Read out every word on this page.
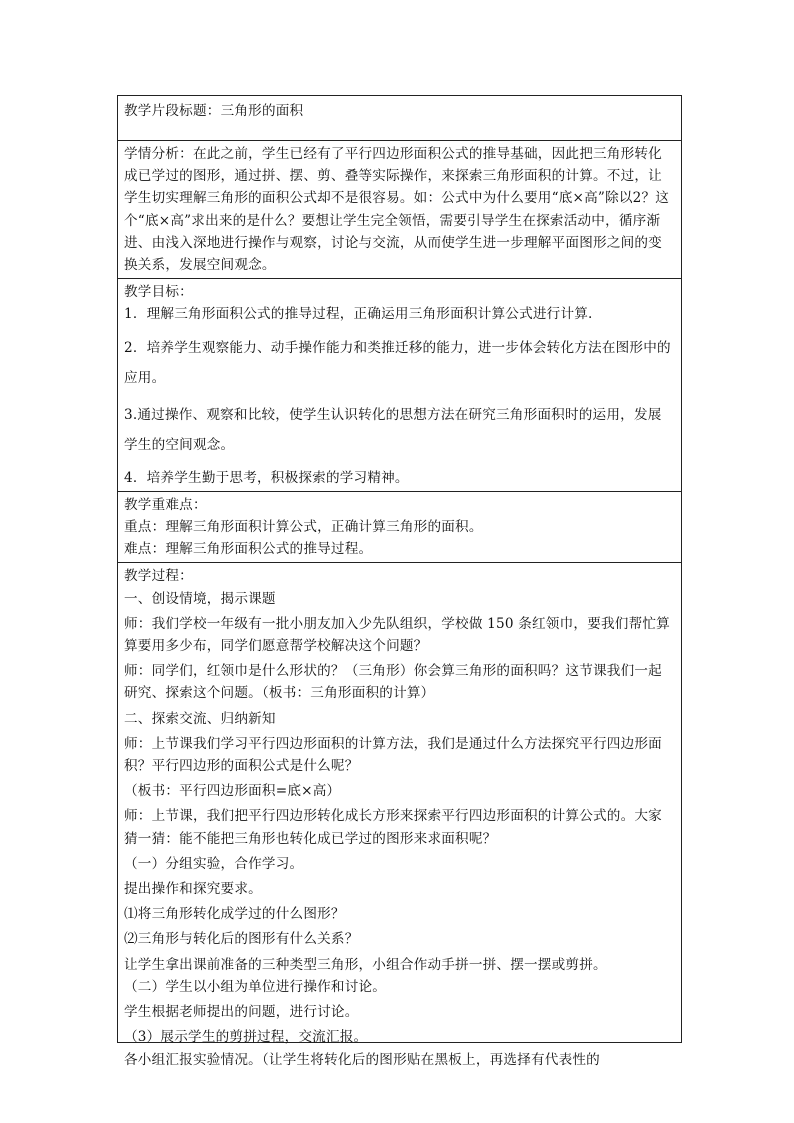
教学片段标题：三角形的面积
学情分析：在此之前，学生已经有了平行四边形面积公式的推导基础，因此把三角形转化成已学过的图形，通过拼、摆、剪、叠等实际操作，来探索三角形面积的计算。不过，让学生切实理解三角形的面积公式却不是很容易。如：公式中为什么要用“底×高”除以2？这个“底×高”求出来的是什么？要想让学生完全领悟，需要引导学生在探索活动中，循序渐进、由浅入深地进行操作与观察，讨论与交流，从而使学生进一步理解平面图形之间的变换关系，发展空间观念。

教学目标：
1．理解三角形面积公式的推导过程，正确运用三角形面积计算公式进行计算.
2．培养学生观察能力、动手操作能力和类推迁移的能力，进一步体会转化方法在图形中的应用。
3.通过操作、观察和比较，使学生认识转化的思想方法在研究三角形面积时的运用，发展学生的空间观念。
4．培养学生勤于思考，积极探索的学习精神。

教学重难点：
重点：理解三角形面积计算公式，正确计算三角形的面积。
难点：理解三角形面积公式的推导过程。

教学过程：
一、创设情境，揭示课题
师：我们学校一年级有一批小朋友加入少先队组织，学校做 150 条红领巾，要我们帮忙算算要用多少布，同学们愿意帮学校解决这个问题？
师：同学们，红领巾是什么形状的？（三角形）你会算三角形的面积吗？这节课我们一起研究、探索这个问题。（板书：三角形面积的计算）
二、探索交流、归纳新知
师：上节课我们学习平行四边形面积的计算方法，我们是通过什么方法探究平行四边形面积？平行四边形的面积公式是什么呢？
（板书：平行四边形面积=底×高）
师：上节课，我们把平行四边形转化成长方形来探索平行四边形面积的计算公式的。大家猜一猜：能不能把三角形也转化成已学过的图形来求面积呢？
（一）分组实验，合作学习。
提出操作和探究要求。
⑴将三角形转化成学过的什么图形？
⑵三角形与转化后的图形有什么关系？
让学生拿出课前准备的三种类型三角形，小组合作动手拼一拼、摆一摆或剪拼。
（二）学生以小组为单位进行操作和讨论。
学生根据老师提出的问题，进行讨论。
（3）展示学生的剪拼过程，交流汇报。
各小组汇报实验情况。（让学生将转化后的图形贴在黑板上，再选择有代表性的
